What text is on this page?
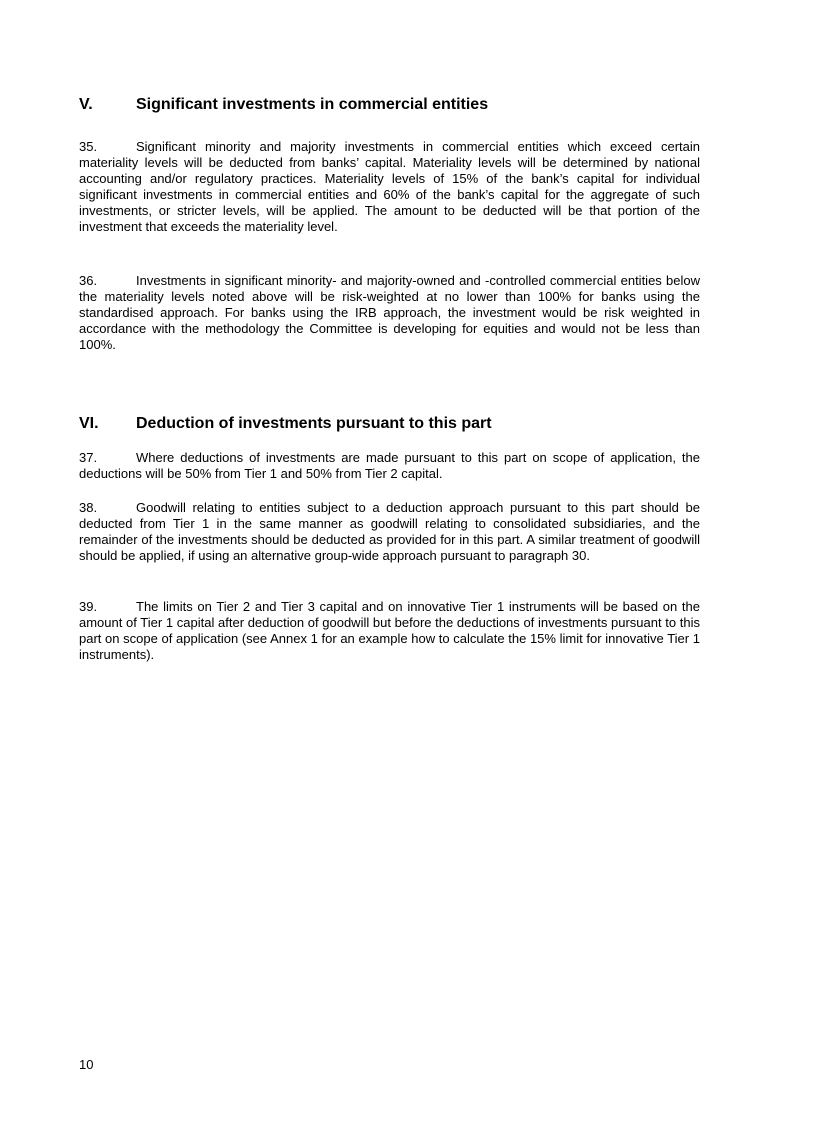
V.	Significant investments in commercial entities

35.	Significant minority and majority investments in commercial entities which exceed certain materiality levels will be deducted from banks’ capital. Materiality levels will be determined by national accounting and/or regulatory practices. Materiality levels of 15% of the bank’s capital for individual significant investments in commercial entities and 60% of the bank’s capital for the aggregate of such investments, or stricter levels, will be applied. The amount to be deducted will be that portion of the investment that exceeds the materiality level.

36.	Investments in significant minority- and majority-owned and -controlled commercial entities below the materiality levels noted above will be risk-weighted at no lower than 100% for banks using the standardised approach. For banks using the IRB approach, the investment would be risk weighted in accordance with the methodology the Committee is developing for equities and would not be less than 100%.

VI. Deduction of investments pursuant to this part

37.	Where deductions of investments are made pursuant to this part on scope of application, the deductions will be 50% from Tier 1 and 50% from Tier 2 capital.

38.	Goodwill relating to entities subject to a deduction approach pursuant to this part should be deducted from Tier 1 in the same manner as goodwill relating to consolidated subsidiaries, and the remainder of the investments should be deducted as provided for in this part. A similar treatment of goodwill should be applied, if using an alternative group-wide approach pursuant to paragraph 30.

39.	The limits on Tier 2 and Tier 3 capital and on innovative Tier 1 instruments will be based on the amount of Tier 1 capital after deduction of goodwill but before the deductions of investments pursuant to this part on scope of application (see Annex 1 for an example how to calculate the 15% limit for innovative Tier 1 instruments).

10
